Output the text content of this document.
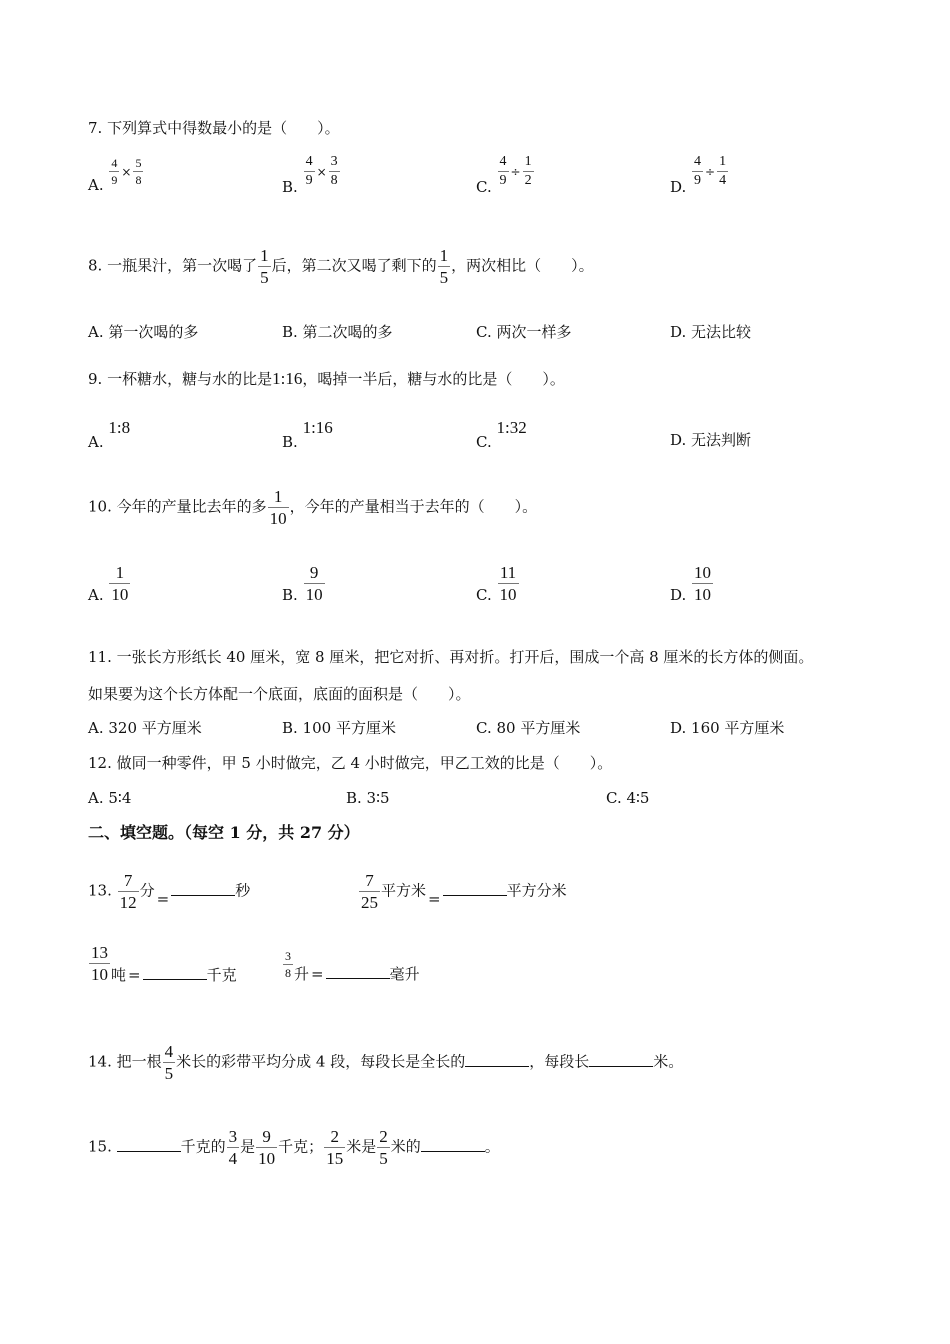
7. 下列算式中得数最小的是（　　）。
A. $\frac{4}{9} \times \frac{5}{8}$
B. $\frac{4}{9} \times \frac{3}{8}$	C. $\frac{4}{9} \div \frac{1}{2}$	D. $\frac{4}{9} \div \frac{1}{4}$
8. 一瓶果汁，第一次喝了 $\frac{1}{5}$ 后，第二次又喝了剩下的 $\frac{1}{5}$ ，两次相比（　　）。
A. 第一次喝的多	B. 第二次喝的多	C. 两次一样多	D. 无法比较
9. 一杯糖水，糖与水的比是1:16，喝掉一半后，糖与水的比是（　　）。
A. 1:8
B. 1:16
C. 1:32
D. 无法判断
10. 今年的产量比去年的多 $\frac{1}{10}$ ，今年的产量相当于去年的（　　）。
A. $\frac{1}{10}$	B. $\frac{9}{10}$	C. $\frac{11}{10}$	D. $\frac{10}{10}$
11. 一张长方形纸长 40 厘米，宽 8 厘米，把它对折、再对折。打开后，围成一个高 8 厘米的长方体的侧面。
如果要为这个长方体配一个底面，底面的面积是（　　）。
A. 320 平方厘米	B. 100 平方厘米	C. 80 平方厘米	D. 160 平方厘米
12. 做同一种零件，甲 5 小时做完，乙 4 小时做完，甲乙工效的比是（　　）。
A. 5∶4	B. 3∶5	C. 4∶5
二、填空题。（每空 1 分，共 27 分）
13. $\frac{7}{12}$ 分 =	秒	$\frac{7}{25}$ 平方米 =	平方分米
$\frac{13}{10}$ 吨 =	千克	$\frac{3}{8}$ 升 =	毫升
14. 把一根 $\frac{4}{5}$ 米长的彩带平均分成 4 段，每段长是全长的	，每段长	米。
15.	千克的 $\frac{3}{4}$ 是 $\frac{9}{10}$ 千克； $\frac{2}{15}$ 米是 $\frac{2}{5}$ 米的	。
